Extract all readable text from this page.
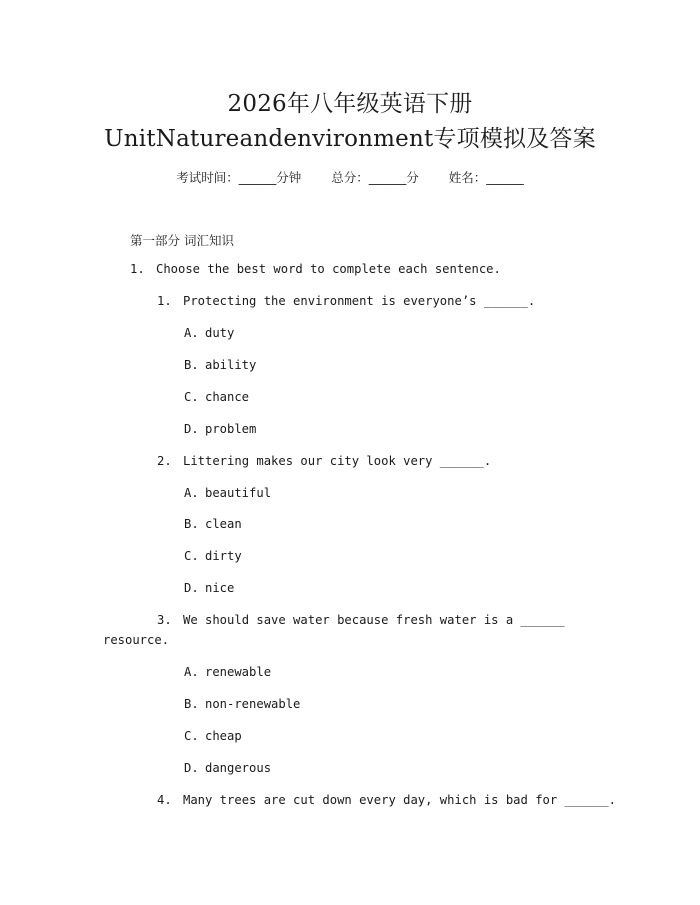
2026年八年级英语下册
UnitNatureandenvironment专项模拟及答案
考试时间：______分钟 总分：______分 姓名：______
第一部分 词汇知识
1. Choose the best word to complete each sentence.
1. Protecting the environment is everyone’s ______.
A. duty
B. ability
C. chance
D. problem
2. Littering makes our city look very ______.
A. beautiful
B. clean
C. dirty
D. nice
3. We should save water because fresh water is a ______
resource.
A. renewable
B. non-renewable
C. cheap
D. dangerous
4. Many trees are cut down every day, which is bad for ______.
